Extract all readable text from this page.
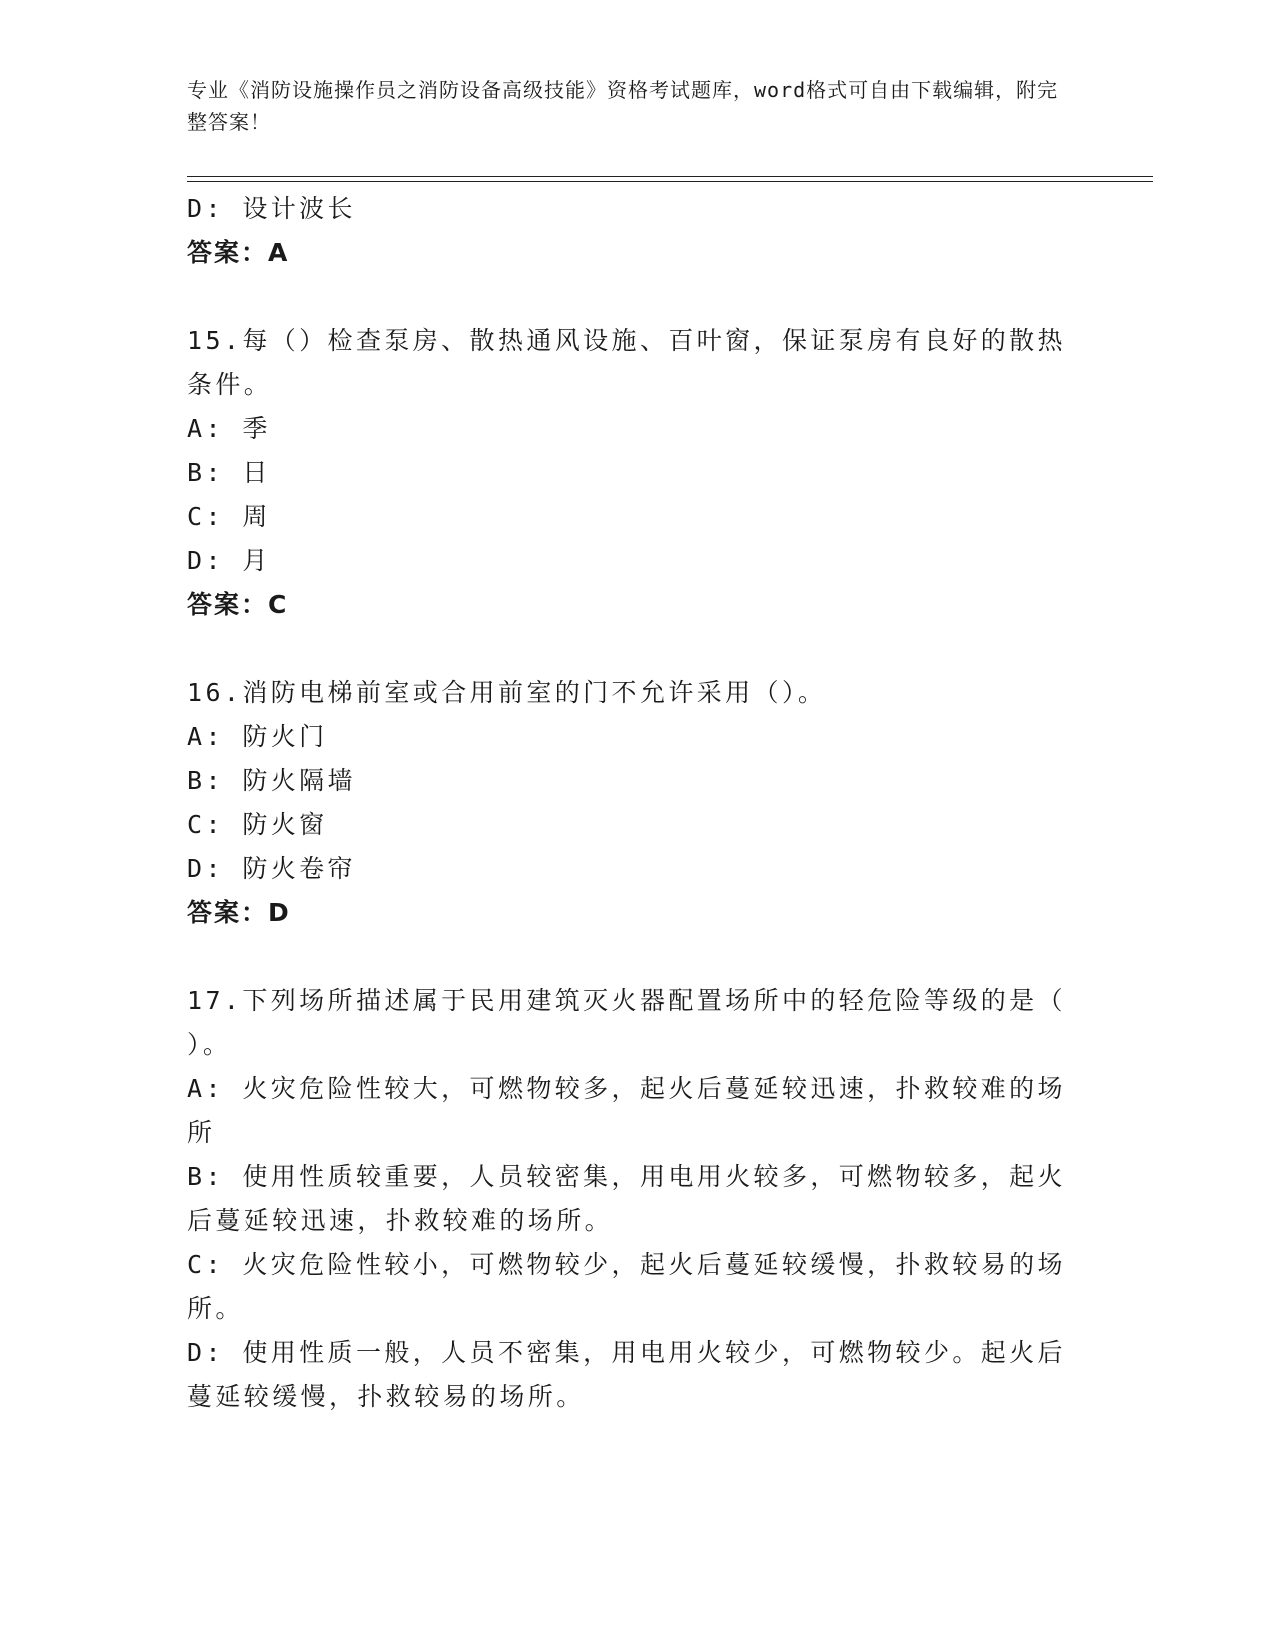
专业《消防设施操作员之消防设备高级技能》资格考试题库，word格式可自由下载编辑，附完整答案！
D: 设计波长
答案：A
15.每（）检查泵房、散热通风设施、百叶窗，保证泵房有良好的散热
条件。
A: 季
B: 日
C: 周
D: 月
答案：C
16.消防电梯前室或合用前室的门不允许采用（）。
A: 防火门
B: 防火隔墙
C: 防火窗
D: 防火卷帘
答案：D
17.下列场所描述属于民用建筑灭火器配置场所中的轻危险等级的是（
）。
A: 火灾危险性较大，可燃物较多，起火后蔓延较迅速，扑救较难的场
所
B: 使用性质较重要，人员较密集，用电用火较多，可燃物较多，起火
后蔓延较迅速，扑救较难的场所。
C: 火灾危险性较小，可燃物较少，起火后蔓延较缓慢，扑救较易的场
所。
D: 使用性质一般，人员不密集，用电用火较少，可燃物较少。起火后
蔓延较缓慢，扑救较易的场所。
